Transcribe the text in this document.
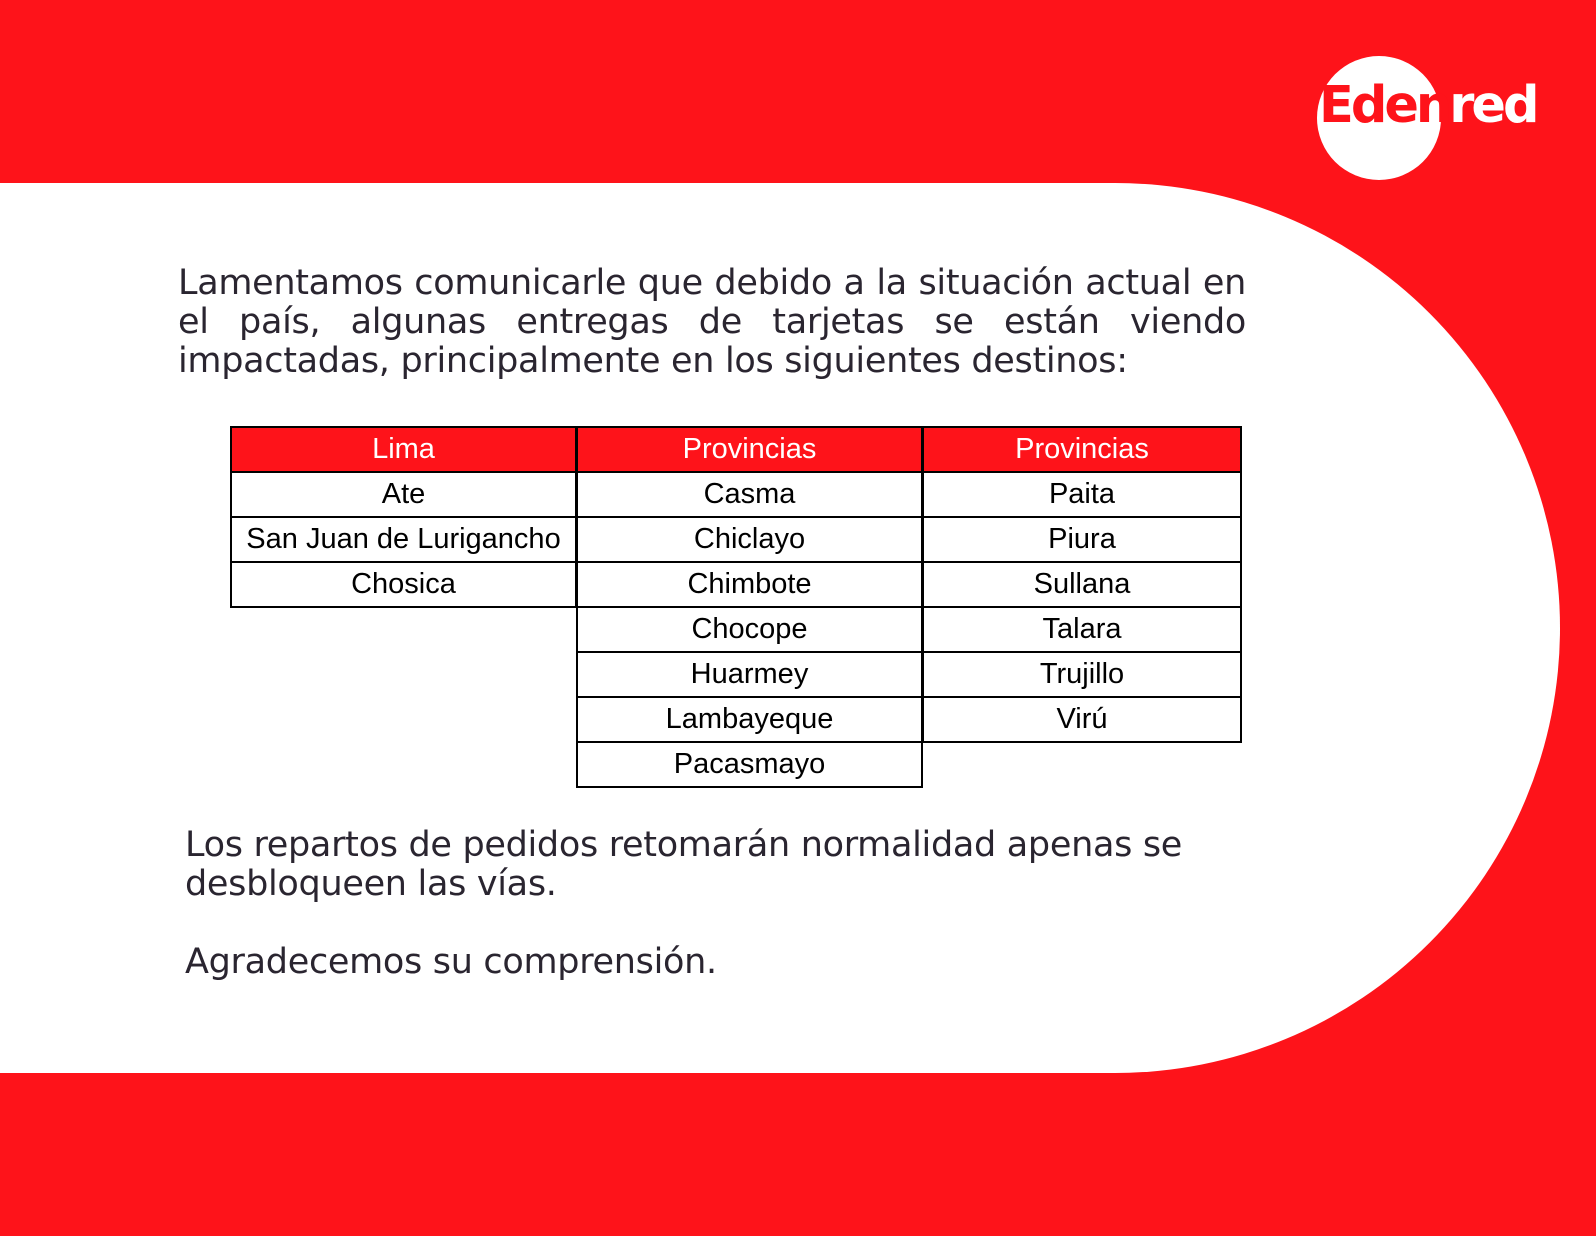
Edenred

Lamentamos comunicarle que debido a la situación actual en el país, algunas entregas de tarjetas se están viendo impactadas, principalmente en los siguientes destinos:

Lima
Ate
San Juan de Lurigancho
Chosica
Provincias
Casma
Chiclayo
Chimbote
Chocope
Huarmey
Lambayeque
Pacasmayo
Provincias
Paita
Piura
Sullana
Talara
Trujillo
Virú

Los repartos de pedidos retomarán normalidad apenas se desbloqueen las vías.

Agradecemos su comprensión.
